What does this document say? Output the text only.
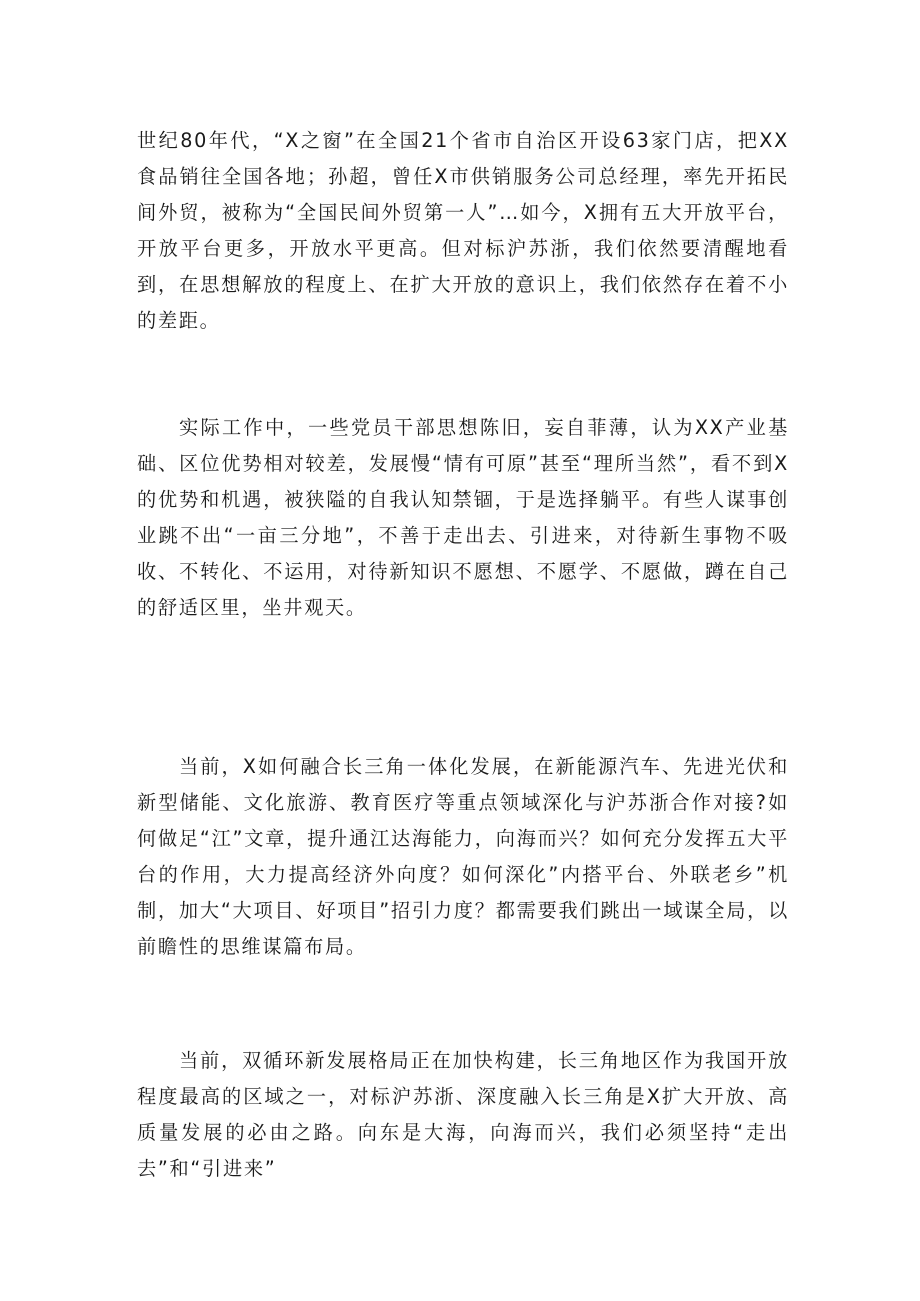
世纪80年代，“X之窗”在全国21个省市自治区开设63家门店，把XX食品销往全国各地；孙超，曾任X市供销服务公司总经理，率先开拓民间外贸，被称为“全国民间外贸第一人”…如今，X拥有五大开放平台，开放平台更多，开放水平更高。但对标沪苏浙，我们依然要清醒地看到，在思想解放的程度上、在扩大开放的意识上，我们依然存在着不小的差距。

实际工作中，一些党员干部思想陈旧，妄自菲薄，认为XX产业基础、区位优势相对较差，发展慢“情有可原”甚至“理所当然”，看不到X的优势和机遇，被狭隘的自我认知禁锢，于是选择躺平。有些人谋事创业跳不出“一亩三分地”，不善于走出去、引进来，对待新生事物不吸收、不转化、不运用，对待新知识不愿想、不愿学、不愿做，蹲在自己的舒适区里，坐井观天。

当前，X如何融合长三角一体化发展，在新能源汽车、先进光伏和新型储能、文化旅游、教育医疗等重点领域深化与沪苏浙合作对接?如何做足“江”文章，提升通江达海能力，向海而兴？如何充分发挥五大平台的作用，大力提高经济外向度？如何深化”内搭平台、外联老乡”机制，加大“大项目、好项目”招引力度？都需要我们跳出一域谋全局，以前瞻性的思维谋篇布局。

当前，双循环新发展格局正在加快构建，长三角地区作为我国开放程度最高的区域之一，对标沪苏浙、深度融入长三角是X扩大开放、高质量发展的必由之路。向东是大海，向海而兴，我们必须坚持“走出去”和“引进来”
